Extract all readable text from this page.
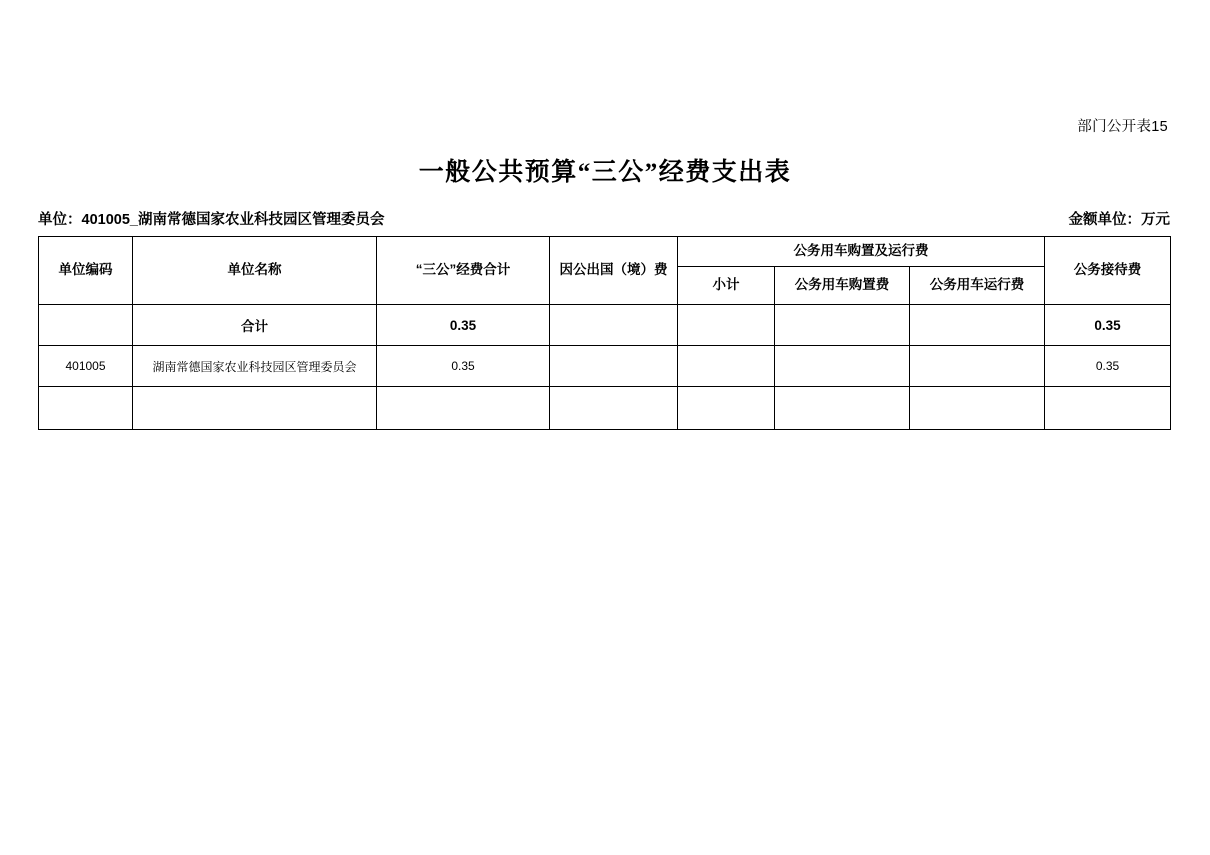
部门公开表15
一般公共预算“三公”经费支出表
单位：401005_湖南常德国家农业科技园区管理委员会	金额单位：万元
单位编码	单位名称	“三公”经费合计	因公出国（境）费	公务用车购置及运行费			公务接待费
				小计	公务用车购置费	公务用车运行费	
	合计	0.35					0.35
401005	湖南常德国家农业科技园区管理委员会	0.35					0.35
